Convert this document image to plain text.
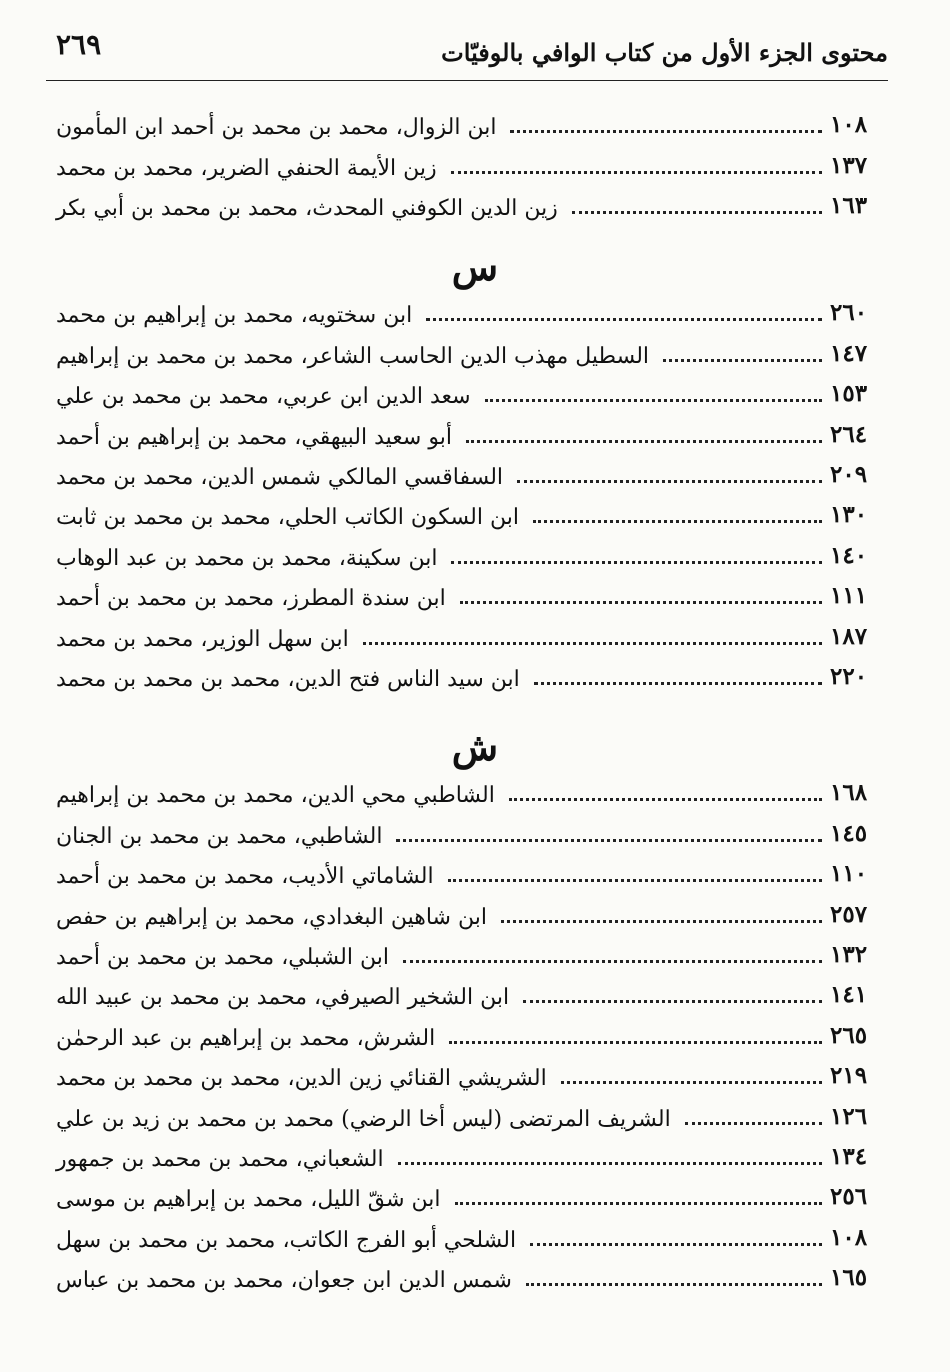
محتوى الجزء الأول من كتاب الوافي بالوفيّات
٢٦٩
ابن الزوال، محمد بن محمد بن أحمد ابن المأمون	١٠٨
زين الأيمة الحنفي الضرير، محمد بن محمد	١٣٧
زين الدين الكوفني المحدث، محمد بن محمد بن أبي بكر	١٦٣
س
ابن سختويه، محمد بن إبراهيم بن محمد	٢٦٠
السطيل مهذب الدين الحاسب الشاعر، محمد بن محمد بن إبراهيم	١٤٧
سعد الدين ابن عربي، محمد بن محمد بن علي	١٥٣
أبو سعيد البيهقي، محمد بن إبراهيم بن أحمد	٢٦٤
السفاقسي المالكي شمس الدين، محمد بن محمد	٢٠٩
ابن السكون الكاتب الحلي، محمد بن محمد بن ثابت	١٣٠
ابن سكينة، محمد بن محمد بن عبد الوهاب	١٤٠
ابن سندة المطرز، محمد بن محمد بن أحمد	١١١
ابن سهل الوزير، محمد بن محمد	١٨٧
ابن سيد الناس فتح الدين، محمد بن محمد بن محمد	٢٢٠
ش
الشاطبي محي الدين، محمد بن محمد بن إبراهيم	١٦٨
الشاطبي، محمد بن محمد بن الجنان	١٤٥
الشاماتي الأديب، محمد بن محمد بن أحمد	١١٠
ابن شاهين البغدادي، محمد بن إبراهيم بن حفص	٢٥٧
ابن الشبلي، محمد بن محمد بن أحمد	١٣٢
ابن الشخير الصيرفي، محمد بن محمد بن عبيد الله	١٤١
الشرش، محمد بن إبراهيم بن عبد الرحمٰن	٢٦٥
الشريشي القنائي زين الدين، محمد بن محمد بن محمد	٢١٩
الشريف المرتضى (ليس أخا الرضي) محمد بن محمد بن زيد بن علي	١٢٦
الشعباني، محمد بن محمد بن جمهور	١٣٤
ابن شقّ الليل، محمد بن إبراهيم بن موسى	٢٥٦
الشلحي أبو الفرج الكاتب، محمد بن محمد بن سهل	١٠٨
شمس الدين ابن جعوان، محمد بن محمد بن عباس	١٦٥
